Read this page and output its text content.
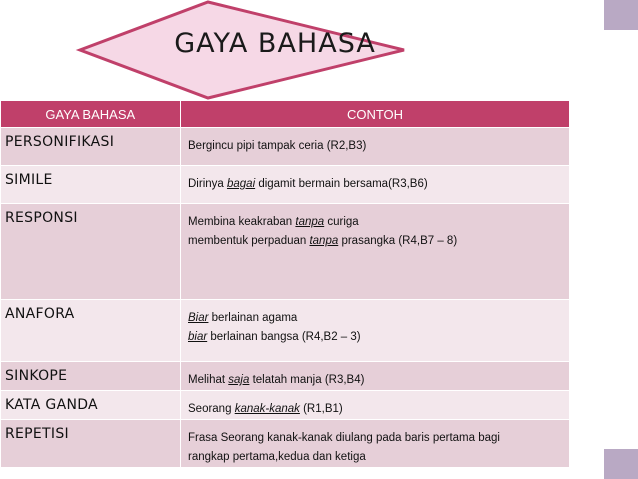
GAYA BAHASA
GAYA BAHASA	CONTOH
PERSONIFIKASI	Bergincu pipi tampak ceria (R2,B3)

SIMILE	Dirinya bagai digamit bermain bersama(R3,B6)

RESPONSI	Membina keakraban tanpa curiga
membentuk perpaduan tanpa prasangka (R4,B7 – 8)

ANAFORA	Biar berlainan agama
biar berlainan bangsa (R4,B2 – 3)

SINKOPE	Melihat saja telatah manja (R3,B4)

KATA GANDA	Seorang kanak-kanak (R1,B1)

REPETISI	Frasa Seorang kanak-kanak diulang pada baris pertama bagi
rangkap pertama,kedua dan ketiga
